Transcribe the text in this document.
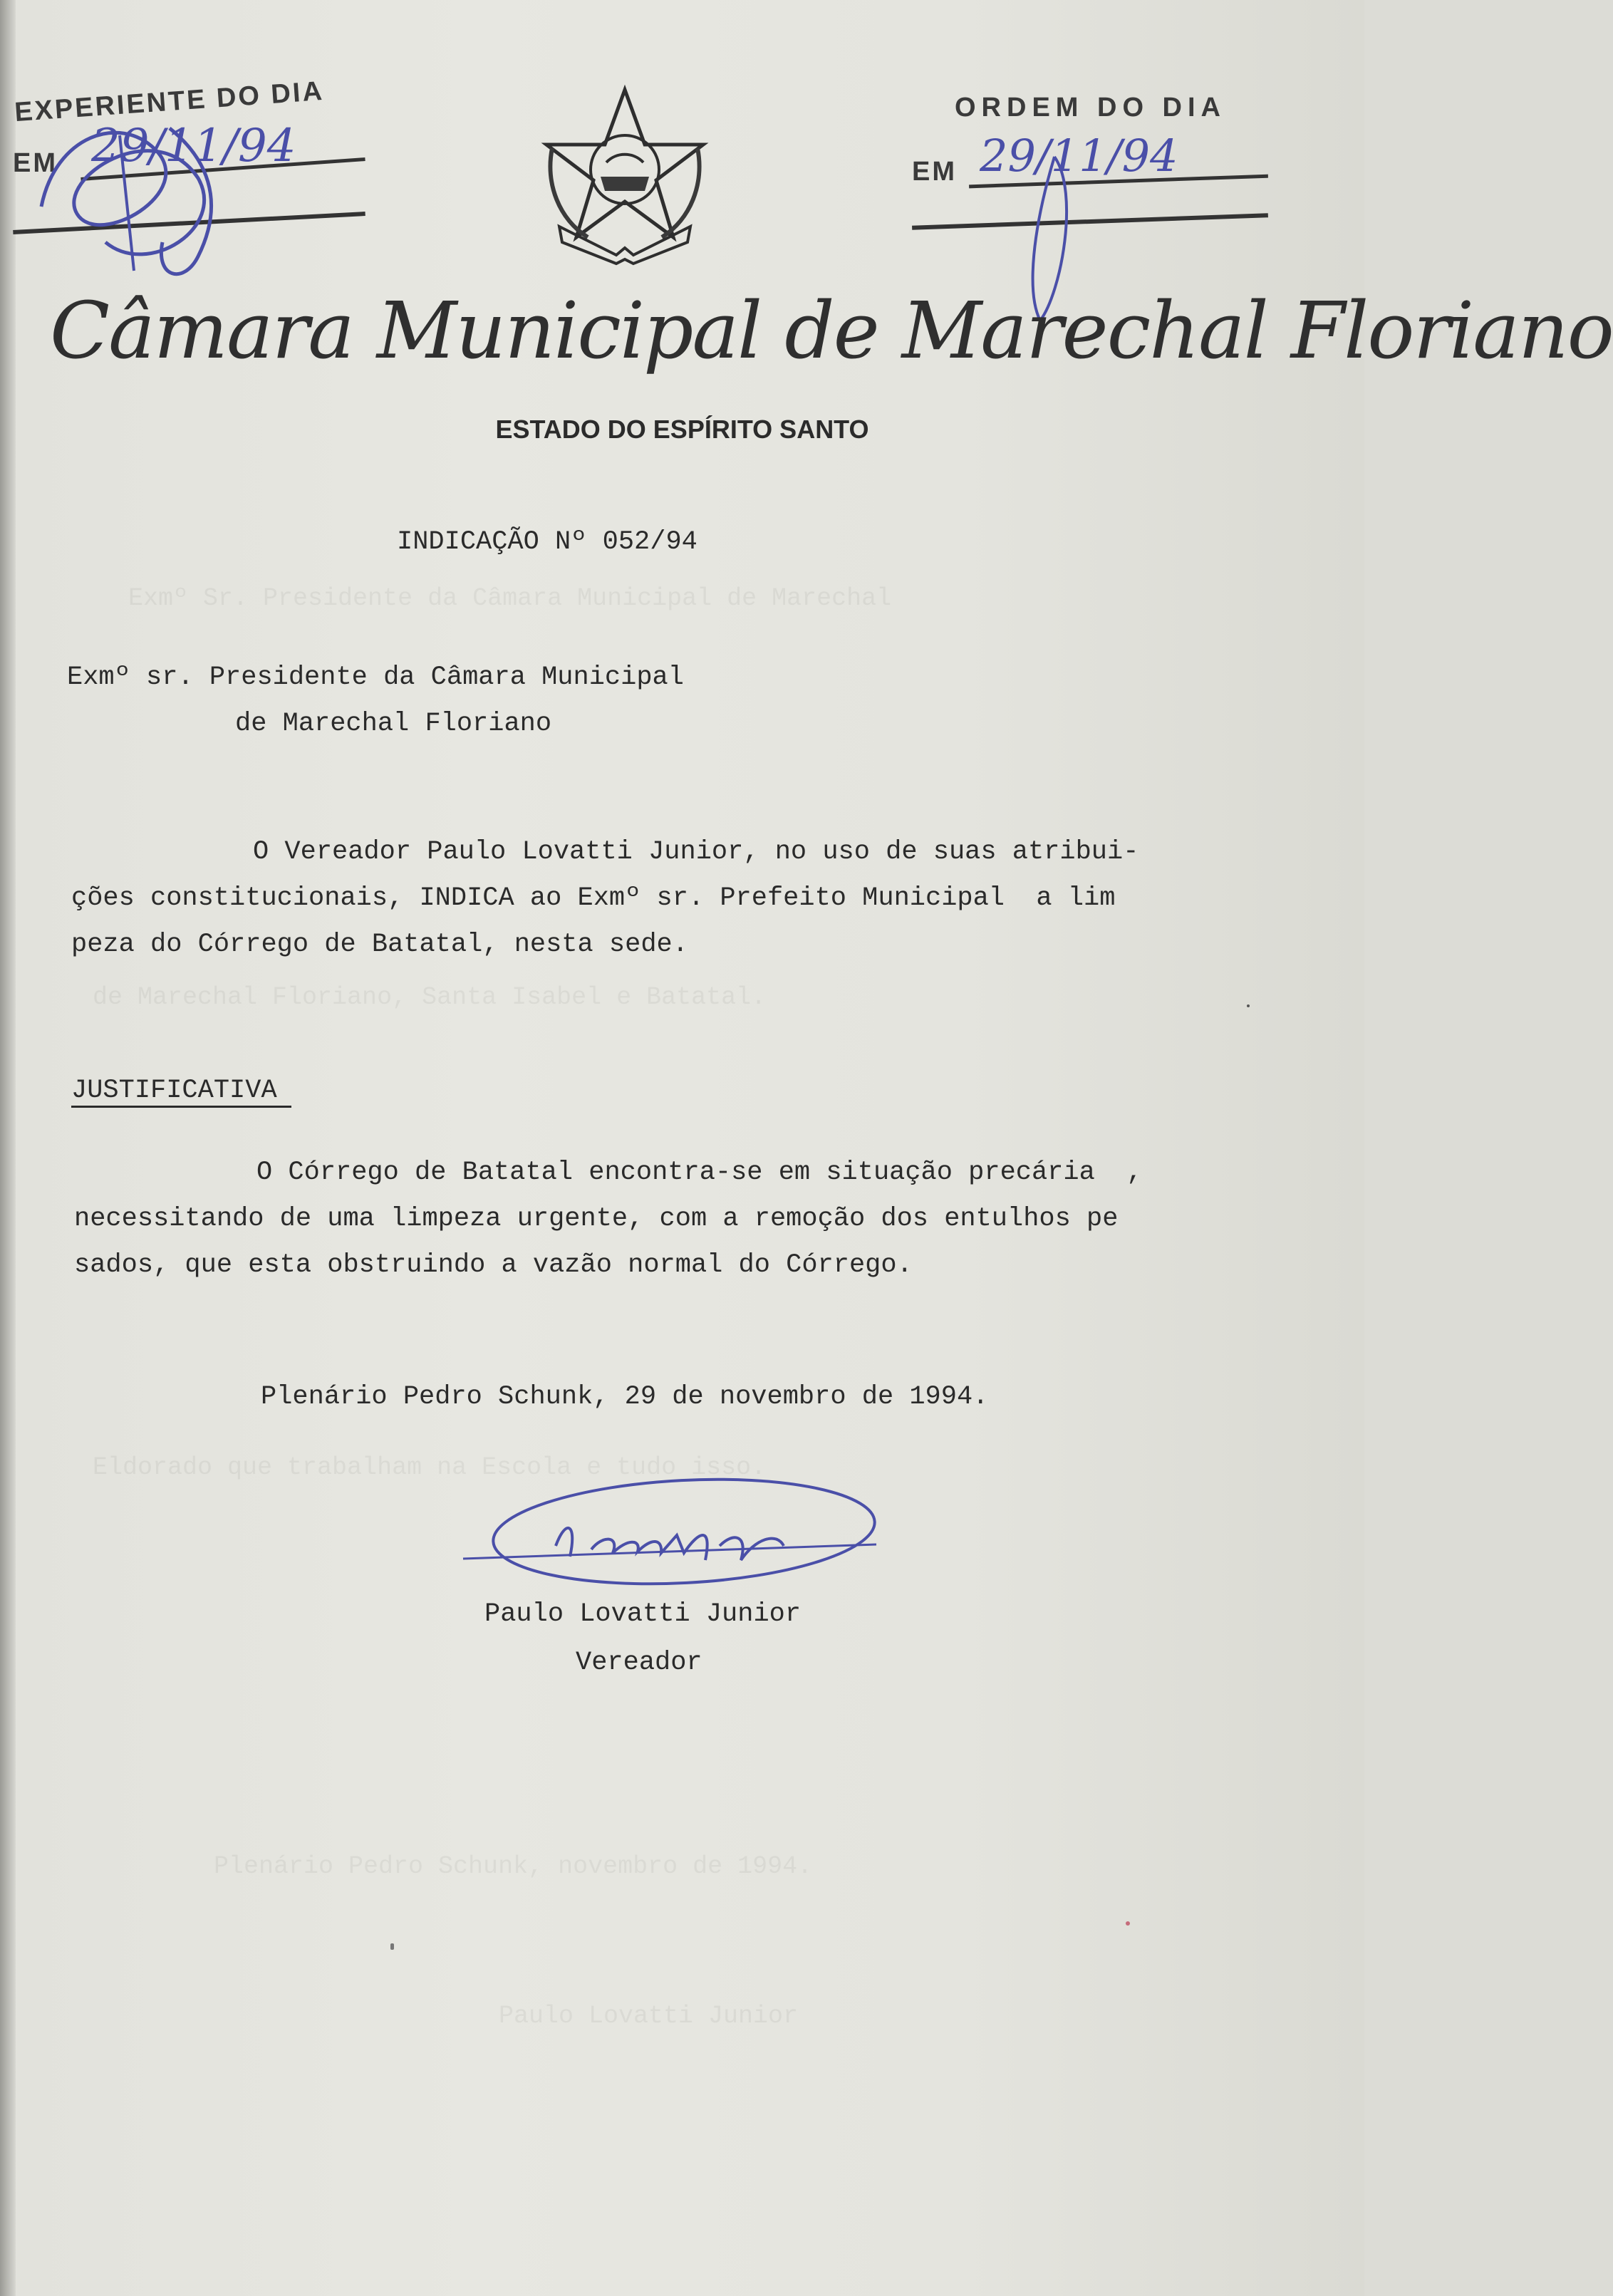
Exmº Sr. Presidente da Câmara Municipal de Marechal
de Marechal Floriano, Santa Isabel e Batatal.
Eldorado que trabalham na Escola e tudo isso.
Plenário Pedro Schunk, novembro de 1994.
Paulo Lovatti Junior
EXPERIENTE DO DIA
EM 29/11/94
ORDEM DO DIA
EM 29/11/94
Câmara Municipal de Marechal Floriano
ESTADO DO ESPÍRITO SANTO
INDICAÇÃO Nº 052/94
Exmº sr. Presidente da Câmara Municipal
de Marechal Floriano
O Vereador Paulo Lovatti Junior, no uso de suas atribui-
ções constitucionais, INDICA ao Exmº sr. Prefeito Municipal  a lim
peza do Córrego de Batatal, nesta sede.
JUSTIFICATIVA
O Córrego de Batatal encontra-se em situação precária  ,
necessitando de uma limpeza urgente, com a remoção dos entulhos pe
sados, que esta obstruindo a vazão normal do Córrego.
Plenário Pedro Schunk, 29 de novembro de 1994.
Paulo Lovatti Junior
Vereador
